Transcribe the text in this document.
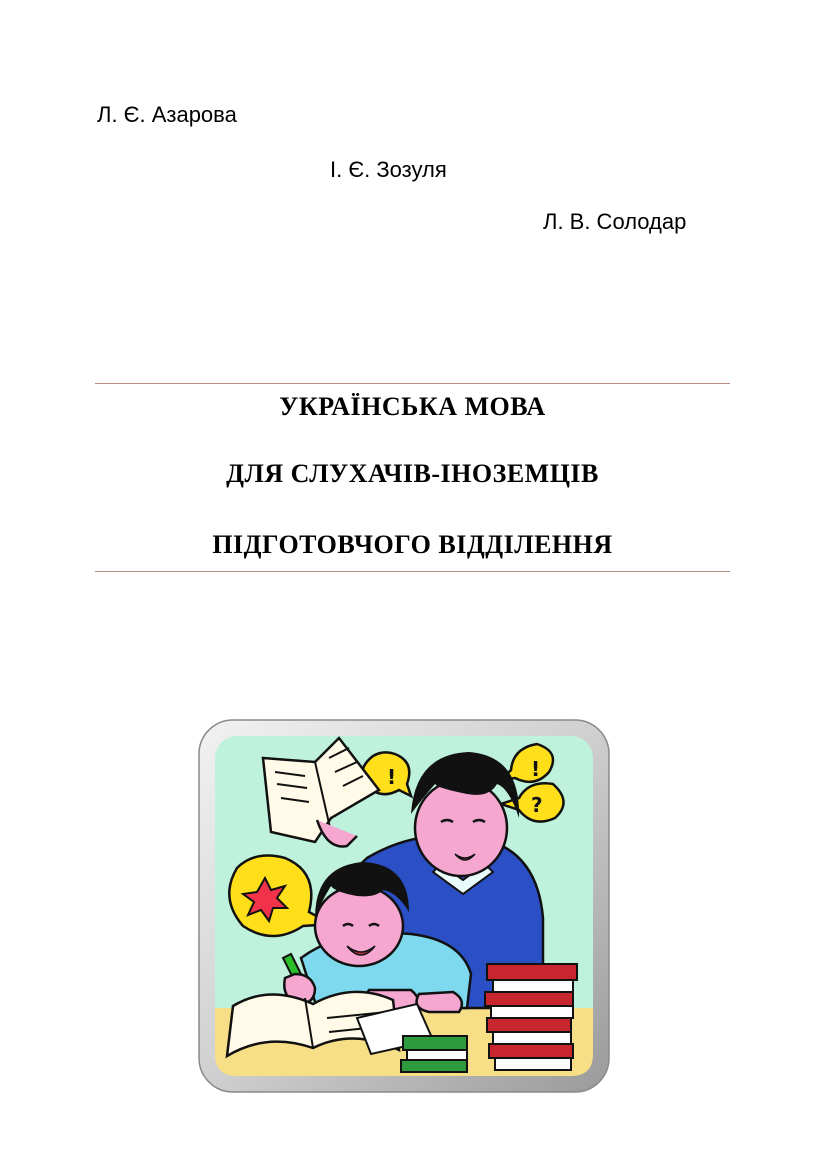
Л. Є. Азарова
І. Є. Зозуля
Л. В. Солодар
УКРАЇНСЬКА МОВА
ДЛЯ СЛУХАЧІВ-ІНОЗЕМЦІВ
ПІДГОТОВЧОГО ВІДДІЛЕННЯ
!	!
?
